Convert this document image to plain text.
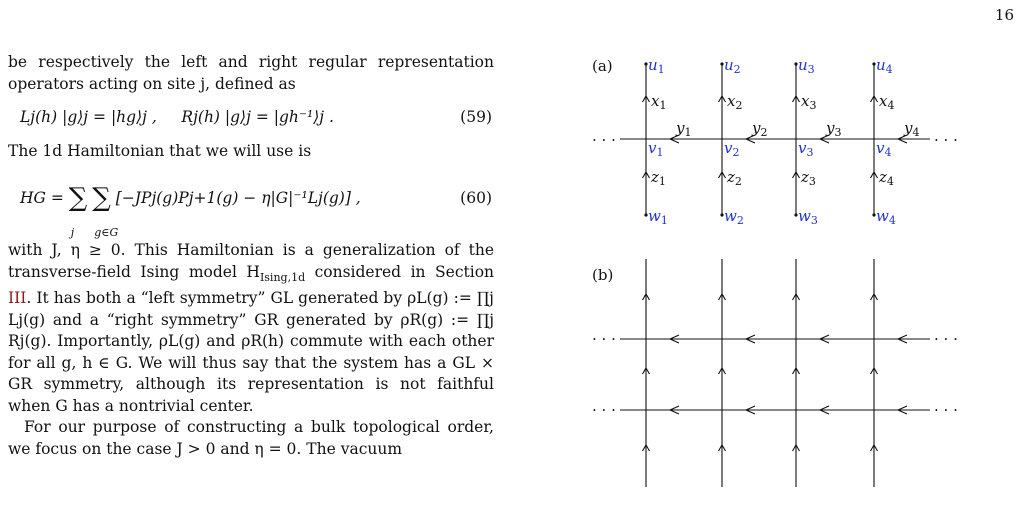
16

be respectively the left and right regular representation operators acting on site j, defined as

Lj(h) |g⟩j = |hg⟩j , Rj(h) |g⟩j = |gh⁻¹⟩j .	(59)

The 1d Hamiltonian that we will use is

HG = ∑
j
∑
g∈G
[−JPj(g)Pj+1(g) − η|G|⁻¹Lj(g)] ,	(60)

with J, η ≥ 0. This Hamiltonian is a generalization of the transverse-field Ising model $H_{Ising,1d}$ considered in Section III. It has both a “left symmetry” GL generated by ρL(g) := ∏j Lj(g) and a “right symmetry” GR generated by ρR(g) := ∏j Rj(g). Importantly, ρL(g) and ρR(h) commute with each other for all g, h ∈ G. We will thus say that the system has a GL × GR symmetry, although its representation is not faithful when G has a nontrivial center.

For our purpose of constructing a bulk topological order, we focus on the case J > 0 and η = 0. The vacuum

(a)
· · ·	· · ·
$u_1$
$x_1$
$v_1$
$z_1$
$w_1$
$y_1$
$u_2$
$x_2$
$v_2$
$z_2$
$w_2$
$y_2$
$u_3$
$x_3$
$v_3$
$z_3$
$w_3$
$y_3$
$u_4$
$x_4$
$v_4$
$z_4$
$w_4$
$y_4$
(b)
· · ·	· · ·
· · ·	· · ·
